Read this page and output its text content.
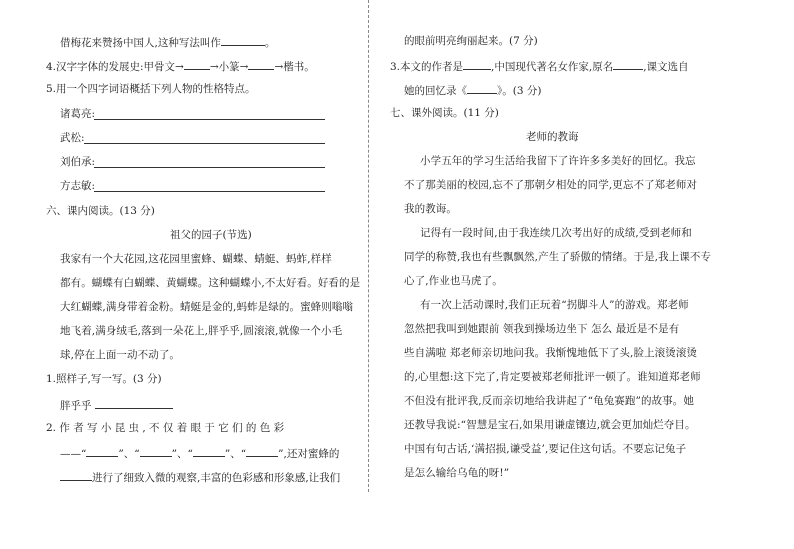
借梅花来赞扬中国人,这种写法叫作	。
4.汉字字体的发展史:甲骨文→ →小篆→ →楷书。
5.用一个四字词语概括下列人物的性格特点。
诸葛亮:
武松:
刘伯承:
方志敏:
六、课内阅读。(13 分)
祖父的园子(节选)
我家有一个大花园,这花园里蜜蜂、蝴蝶、蜻蜓、蚂蚱,样样
都有。蝴蝶有白蝴蝶、黄蝴蝶。这种蝴蝶小,不太好看。好看的是
大红蝴蝶,满身带着金粉。蜻蜓是金的,蚂蚱是绿的。蜜蜂则嗡嗡
地飞着,满身绒毛,落到一朵花上,胖乎乎,圆滚滚,就像一个小毛
球,停在上面一动不动了。
1.照样子,写一写。(3 分)
胖乎乎
2. 作 者 写 小 昆 虫 , 不 仅 着 眼 于 它 们 的 色 彩
——“	”、“	”、“	”、“	”,还对蜜蜂的
进行了细致入微的观察,丰富的色彩感和形象感,让我们
的眼前明亮绚丽起来。(7 分)
3.本文的作者是	,中国现代著名女作家,原名	,课文选自
她的回忆录《	》。(3 分)
七、课外阅读。(11 分)
老师的教诲
小学五年的学习生活给我留下了许许多多美好的回忆。我忘
不了那美丽的校园,忘不了那朝夕相处的同学,更忘不了郑老师对
我的教诲。
记得有一段时间,由于我连续几次考出好的成绩,受到老师和
同学的称赞,我也有些飘飘然,产生了骄傲的情绪。于是,我上课不专
心了,作业也马虎了。
有一次上活动课时,我们正玩着“拐脚斗人”的游戏。郑老师
忽然把我叫到她跟前 领我到操场边坐下 怎么 最近是不是有
些自满啦 郑老师亲切地问我。我惭愧地低下了头,脸上滚烫滚烫
的,心里想:这下完了,肯定要被郑老师批评一顿了。谁知道郑老师
不但没有批评我,反而亲切地给我讲起了“龟兔赛跑”的故事。她
还教导我说:“智慧是宝石,如果用谦虚镶边,就会更加灿烂夺目。
中国有句古话,‘满招损,谦受益’,要记住这句话。不要忘记兔子
是怎么输给乌龟的呀!”
